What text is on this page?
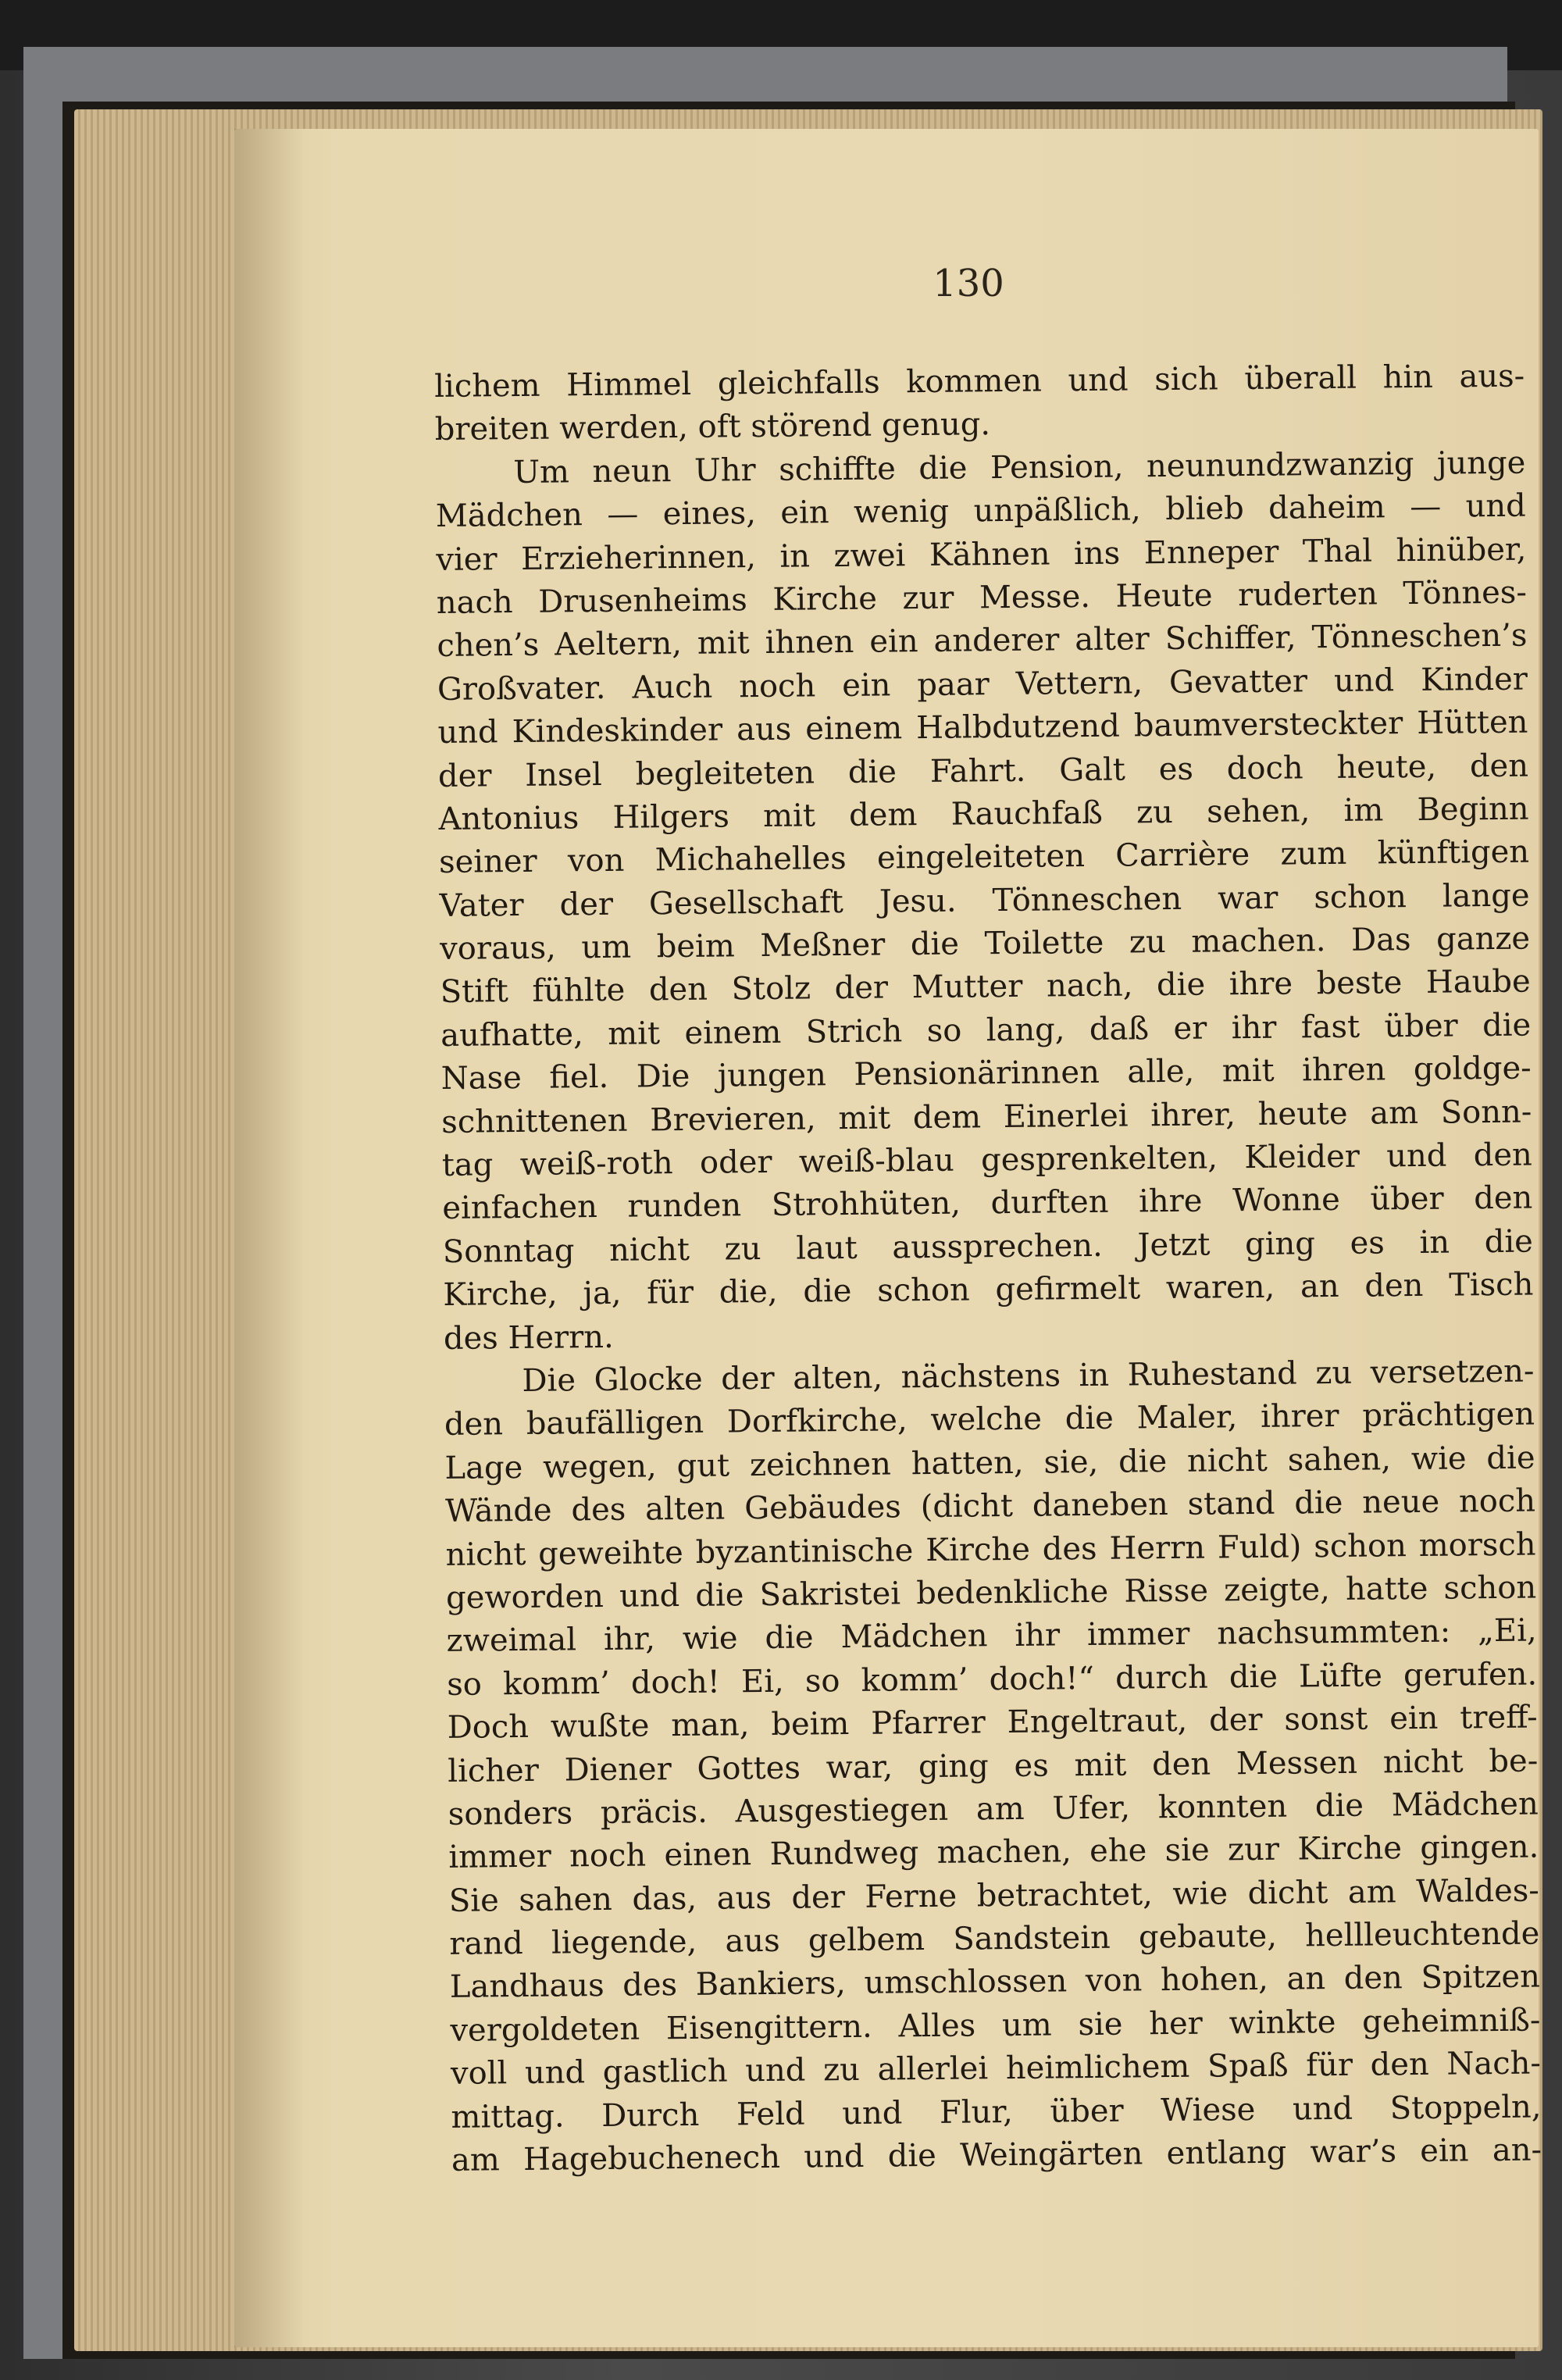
130
lichem Himmel gleichfalls kommen und sich überall hin aus-
breiten werden, oft störend genug.
Um neun Uhr schiffte die Pension, neunundzwanzig junge
Mädchen — eines, ein wenig unpäßlich, blieb daheim — und
vier Erzieherinnen, in zwei Kähnen ins Enneper Thal hinüber,
nach Drusenheims Kirche zur Messe. Heute ruderten Tönnes-
chen’s Aeltern, mit ihnen ein anderer alter Schiffer, Tönneschen’s
Großvater. Auch noch ein paar Vettern, Gevatter und Kinder
und Kindeskinder aus einem Halbdutzend baumversteckter Hütten
der Insel begleiteten die Fahrt. Galt es doch heute, den
Antonius Hilgers mit dem Rauchfaß zu sehen, im Beginn
seiner von Michahelles eingeleiteten Carrière zum künftigen
Vater der Gesellschaft Jesu. Tönneschen war schon lange
voraus, um beim Meßner die Toilette zu machen. Das ganze
Stift fühlte den Stolz der Mutter nach, die ihre beste Haube
aufhatte, mit einem Strich so lang, daß er ihr fast über die
Nase fiel. Die jungen Pensionärinnen alle, mit ihren goldge-
schnittenen Brevieren, mit dem Einerlei ihrer, heute am Sonn-
tag weiß-roth oder weiß-blau gesprenkelten, Kleider und den
einfachen runden Strohhüten, durften ihre Wonne über den
Sonntag nicht zu laut aussprechen. Jetzt ging es in die
Kirche, ja, für die, die schon gefirmelt waren, an den Tisch
des Herrn.
Die Glocke der alten, nächstens in Ruhestand zu versetzen-
den baufälligen Dorfkirche, welche die Maler, ihrer prächtigen
Lage wegen, gut zeichnen hatten, sie, die nicht sahen, wie die
Wände des alten Gebäudes (dicht daneben stand die neue noch
nicht geweihte byzantinische Kirche des Herrn Fuld) schon morsch
geworden und die Sakristei bedenkliche Risse zeigte, hatte schon
zweimal ihr, wie die Mädchen ihr immer nachsummten: „Ei,
so komm’ doch! Ei, so komm’ doch!“ durch die Lüfte gerufen.
Doch wußte man, beim Pfarrer Engeltraut, der sonst ein treff-
licher Diener Gottes war, ging es mit den Messen nicht be-
sonders präcis. Ausgestiegen am Ufer, konnten die Mädchen
immer noch einen Rundweg machen, ehe sie zur Kirche gingen.
Sie sahen das, aus der Ferne betrachtet, wie dicht am Waldes-
rand liegende, aus gelbem Sandstein gebaute, hellleuchtende
Landhaus des Bankiers, umschlossen von hohen, an den Spitzen
vergoldeten Eisengittern. Alles um sie her winkte geheimniß-
voll und gastlich und zu allerlei heimlichem Spaß für den Nach-
mittag. Durch Feld und Flur, über Wiese und Stoppeln,
am Hagebuchenech und die Weingärten entlang war’s ein an-
